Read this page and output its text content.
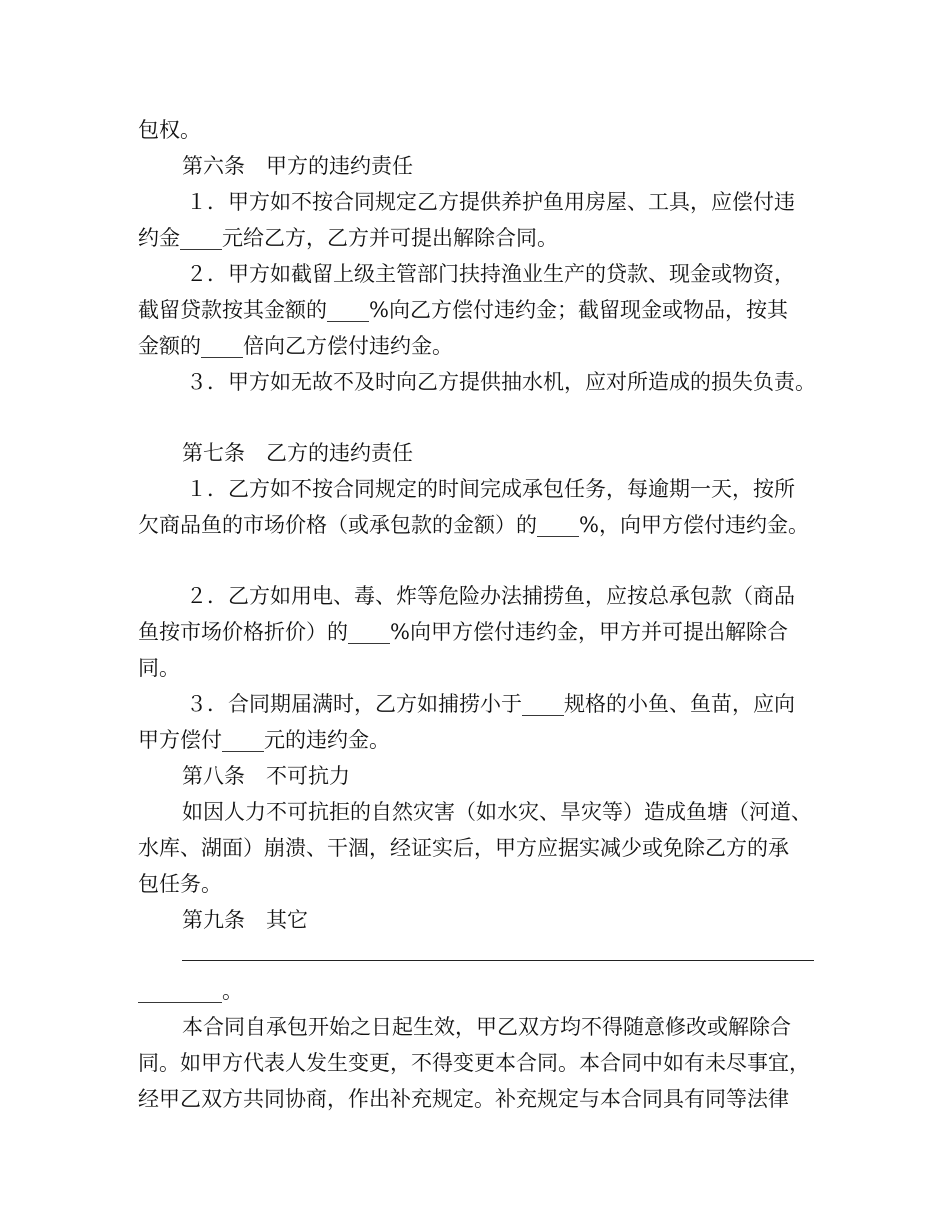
包权。
第六条　甲方的违约责任
１．甲方如不按合同规定乙方提供养护鱼用房屋、工具，应偿付违
约金____元给乙方，乙方并可提出解除合同。
２．甲方如截留上级主管部门扶持渔业生产的贷款、现金或物资，
截留贷款按其金额的____%向乙方偿付违约金；截留现金或物品，按其
金额的____倍向乙方偿付违约金。
３．甲方如无故不及时向乙方提供抽水机，应对所造成的损失负责。
第七条　乙方的违约责任
１．乙方如不按合同规定的时间完成承包任务，每逾期一天，按所
欠商品鱼的市场价格（或承包款的金额）的____%，向甲方偿付违约金。
２．乙方如用电、毒、炸等危险办法捕捞鱼，应按总承包款（商品
鱼按市场价格折价）的____%向甲方偿付违约金，甲方并可提出解除合
同。
３．合同期届满时，乙方如捕捞小于____规格的小鱼、鱼苗，应向
甲方偿付____元的违约金。
第八条　不可抗力
如因人力不可抗拒的自然灾害（如水灾、旱灾等）造成鱼塘（河道、
水库、湖面）崩溃、干涸，经证实后，甲方应据实减少或免除乙方的承
包任务。
第九条　其它
________。
本合同自承包开始之日起生效，甲乙双方均不得随意修改或解除合
同。如甲方代表人发生变更，不得变更本合同。本合同中如有未尽事宜，
经甲乙双方共同协商，作出补充规定。补充规定与本合同具有同等法律
